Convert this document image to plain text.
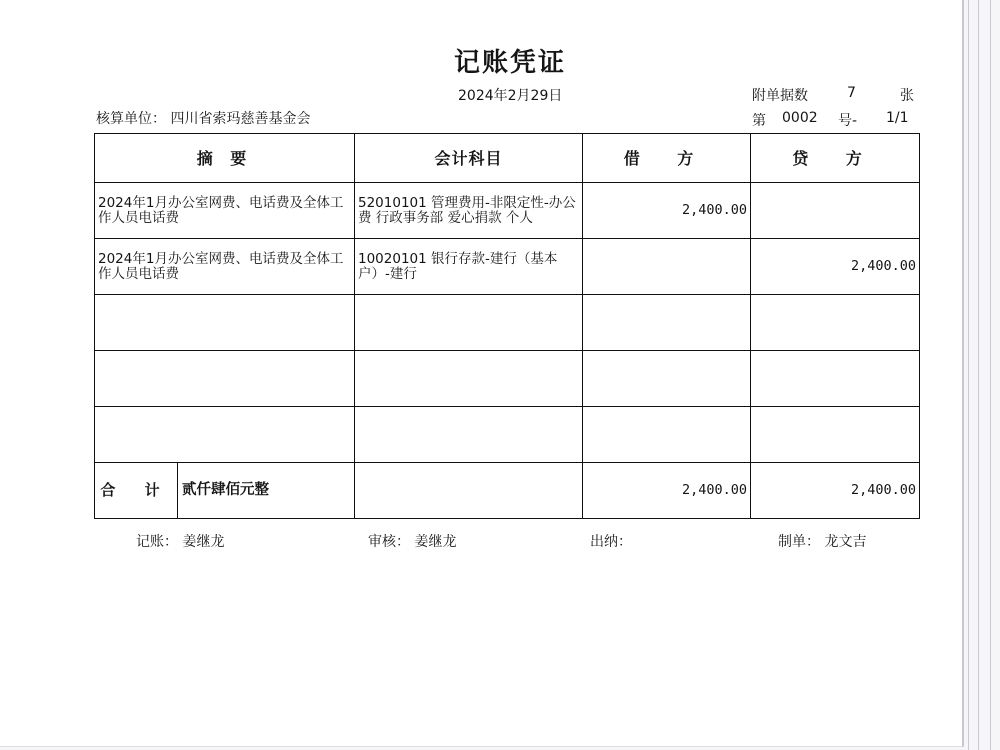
记账凭证
2024年2月29日	附单据数	7	张
核算单位： 四川省索玛慈善基金会	第 0002 号- 1/1
摘 要	会计科目	借 方	贷 方
2024年1月办公室网费、电话费及全体工作人员电话费	52010101 管理费用-非限定性-办公费 行政事务部 爱心捐款 个人	2,400.00	
2024年1月办公室网费、电话费及全体工作人员电话费	10020101 银行存款-建行（基本户）-建行		2,400.00

合 计 贰仟肆佰元整		2,400.00	2,400.00
记账： 姜继龙	审核： 姜继龙	出纳：	制单： 龙文吉
